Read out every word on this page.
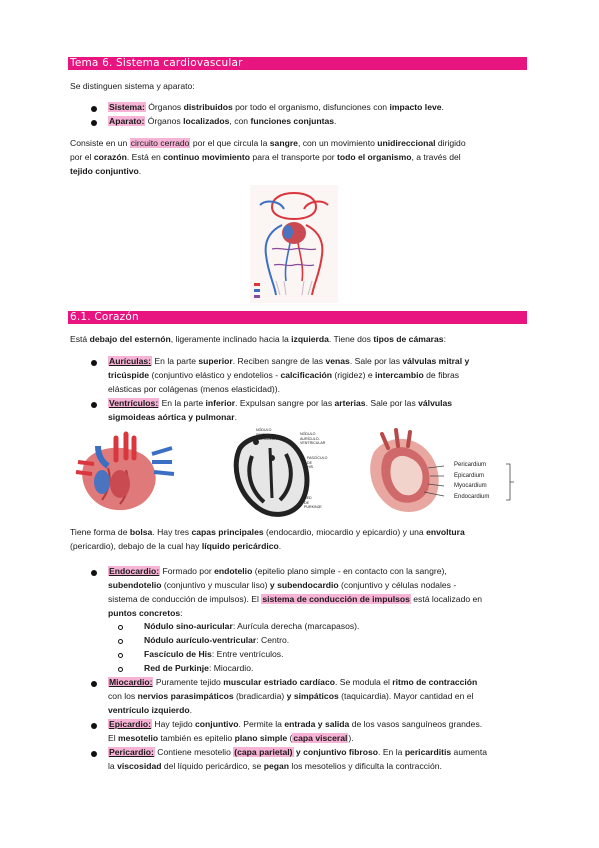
Tema 6. Sistema cardiovascular
Se distinguen sistema y aparato:
Sistema: Órganos distribuidos por todo el organismo, disfunciones con impacto leve.
Aparato: Órganos localizados, con funciones conjuntas.
Consiste en un circuito cerrado por el que circula la sangre, con un movimiento unidireccional dirigido
por el corazón. Está en continuo movimiento para el transporte por todo el organismo, a través del
tejido conjuntivo.
6.1. Corazón
Está debajo del esternón, ligeramente inclinado hacia la izquierda. Tiene dos tipos de cámaras:
Aurículas: En la parte superior. Reciben sangre de las venas. Sale por las válvulas mitral y
tricúspide (conjuntivo elástico y endotelios - calcificación (rigidez) e intercambio de fibras
elásticas por colágenas (menos elasticidad)).
Ventrículos: En la parte inferior. Expulsan sangre por las arterias. Sale por las válvulas
sigmoideas aórtica y pulmonar.
NÓDULO
SINO-
AURICULAR
NÓDULO
AURÍCULO-
VENTRICULAR
FASCÍCULO
DE
HIS
RED
DE
PURKINJE
Pericardium
Epicardium
Myocardium
Endocardium
Tiene forma de bolsa. Hay tres capas principales (endocardio, miocardio y epicardio) y una envoltura
(pericardio), debajo de la cual hay líquido pericárdico.
Endocardio: Formado por endotelio (epitelio plano simple - en contacto con la sangre),
subendotelio (conjuntivo y muscular liso) y subendocardio (conjuntivo y células nodales -
sistema de conducción de impulsos). El sistema de conducción de impulsos está localizado en
puntos concretos:
Nódulo sino-auricular: Aurícula derecha (marcapasos).
Nódulo aurículo-ventricular: Centro.
Fascículo de His: Entre ventrículos.
Red de Purkinje: Miocardio.
Miocardio: Puramente tejido muscular estriado cardíaco. Se modula el ritmo de contracción
con los nervios parasimpáticos (bradicardia) y simpáticos (taquicardia). Mayor cantidad en el
ventrículo izquierdo.
Epicardio: Hay tejido conjuntivo. Permite la entrada y salida de los vasos sanguíneos grandes.
El mesotelio también es epitelio plano simple (capa visceral).
Pericardio: Contiene mesotelio (capa parietal) y conjuntivo fibroso. En la pericarditis aumenta
la viscosidad del líquido pericárdico, se pegan los mesotelios y dificulta la contracción.
